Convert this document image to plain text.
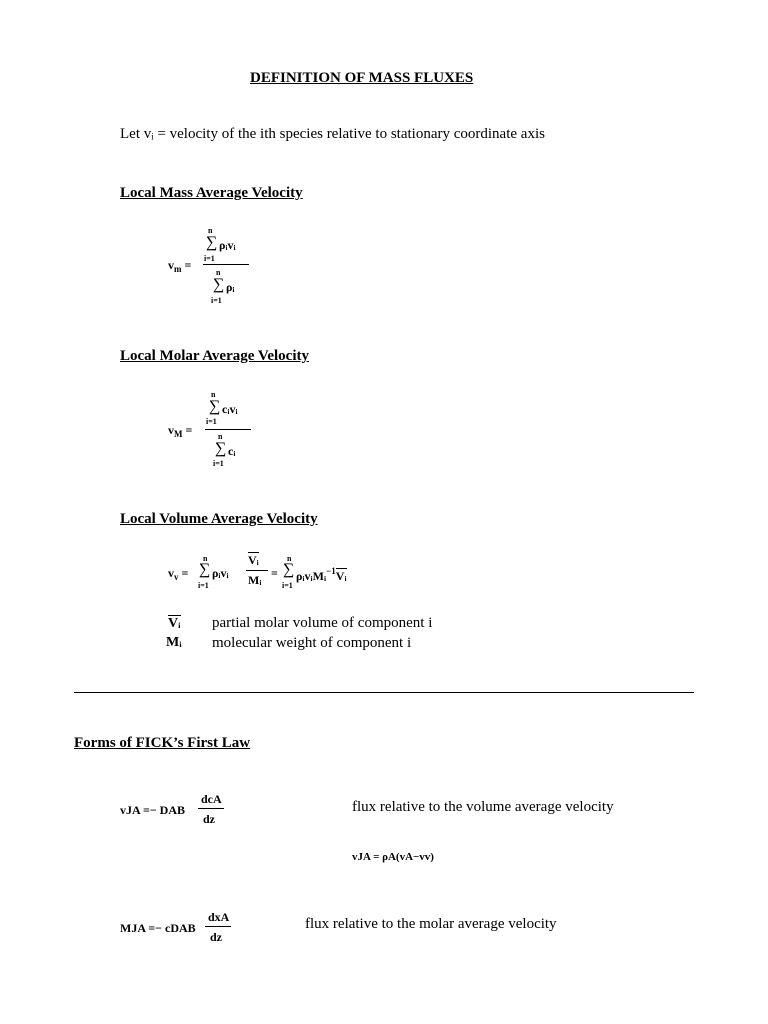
DEFINITION OF MASS FLUXES
Let vᵢ = velocity of the ith species relative to stationary coordinate axis
Local Mass Average Velocity
$v_m$ =
n
∑ ρᵢvᵢ
i=1
n
∑ ρᵢ
i=1
Local Molar Average Velocity
$v_M$ =
n
∑ cᵢvᵢ
i=1
n
∑ cᵢ
i=1
Local Volume Average Velocity
$v_v$ =
n
∑ ρᵢvᵢ
i=1
Vᵢ
Mᵢ =
n
∑ ρᵢvᵢMᵢ$^{-1}$Vᵢ
i=1
Vᵢ partial molar volume of component i
Mᵢ molecular weight of component i
Forms of FICK’s First Law
vJA =− DAB
dcA
dz
flux relative to the volume average velocity
vJA = ρA(vA−vv)
MJA =− cDAB
dxA
dz
flux relative to the molar average velocity
